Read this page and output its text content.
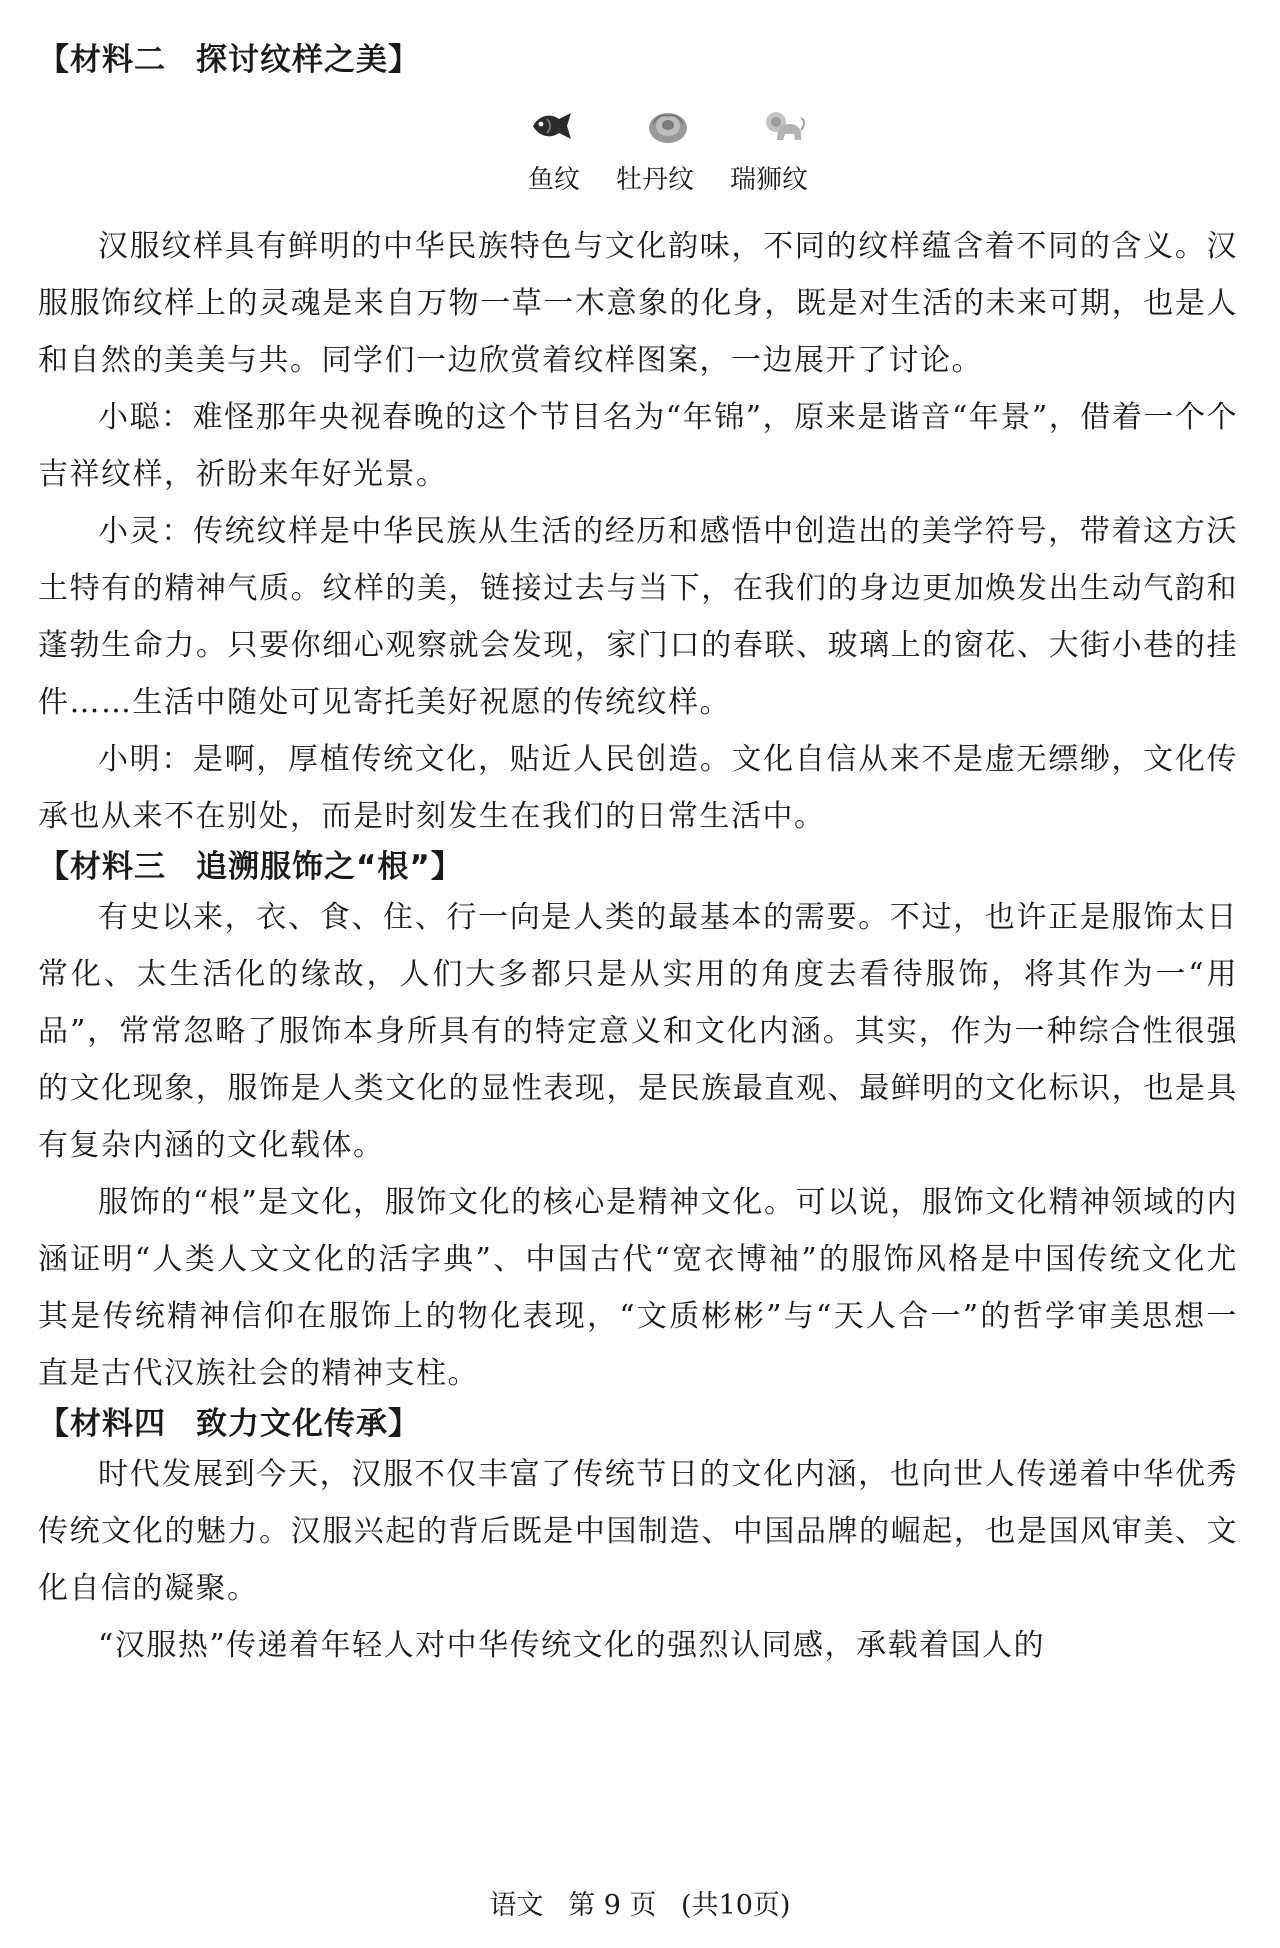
【材料二 探讨纹样之美】
鱼纹 牡丹纹 瑞狮纹

汉服纹样具有鲜明的中华民族特色与文化韵味，不同的纹样蕴含着不同的含义。汉服服饰纹样上的灵魂是来自万物一草一木意象的化身，既是对生活的未来可期，也是人和自然的美美与共。同学们一边欣赏着纹样图案，一边展开了讨论。

小聪：难怪那年央视春晚的这个节目名为“年锦”，原来是谐音“年景”，借着一个个吉祥纹样，祈盼来年好光景。

小灵：传统纹样是中华民族从生活的经历和感悟中创造出的美学符号，带着这方沃土特有的精神气质。纹样的美，链接过去与当下，在我们的身边更加焕发出生动气韵和蓬勃生命力。只要你细心观察就会发现，家门口的春联、玻璃上的窗花、大街小巷的挂件……生活中随处可见寄托美好祝愿的传统纹样。

小明：是啊，厚植传统文化，贴近人民创造。文化自信从来不是虚无缥缈，文化传承也从来不在别处，而是时刻发生在我们的日常生活中。

【材料三 追溯服饰之“根”】

有史以来，衣、食、住、行一向是人类的最基本的需要。不过，也许正是服饰太日常化、太生活化的缘故，人们大多都只是从实用的角度去看待服饰，将其作为一“用品”，常常忽略了服饰本身所具有的特定意义和文化内涵。其实，作为一种综合性很强的文化现象，服饰是人类文化的显性表现，是民族最直观、最鲜明的文化标识，也是具有复杂内涵的文化载体。

服饰的“根”是文化，服饰文化的核心是精神文化。可以说，服饰文化精神领域的内涵证明“人类人文文化的活字典”、中国古代“宽衣博袖”的服饰风格是中国传统文化尤其是传统精神信仰在服饰上的物化表现，“文质彬彬”与“天人合一”的哲学审美思想一直是古代汉族社会的精神支柱。

【材料四 致力文化传承】

时代发展到今天，汉服不仅丰富了传统节日的文化内涵，也向世人传递着中华优秀传统文化的魅力。汉服兴起的背后既是中国制造、中国品牌的崛起，也是国风审美、文化自信的凝聚。

“汉服热”传递着年轻人对中华传统文化的强烈认同感，承载着国人的

语文 第 9 页 (共10页)
